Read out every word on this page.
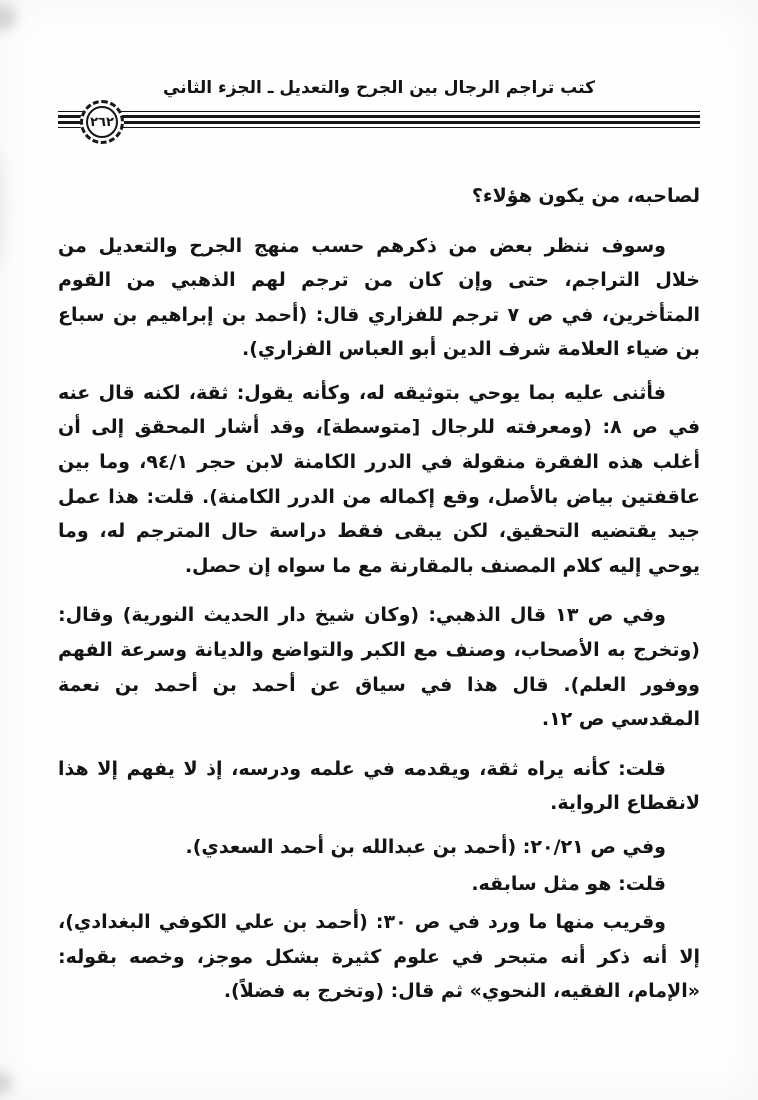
كتب تراجم الرجال بين الجرح والتعديل ـ الجزء الثاني
٢٦٢

لصاحبه، من يكون هؤلاء؟

وسوف ننظر بعض من ذكرهم حسب منهج الجرح والتعديل من خلال التراجم، حتى وإن كان من ترجم لهم الذهبي من القوم المتأخرين، في ص ٧ ترجم للفزاري قال: (أحمد بن إبراهيم بن سباع بن ضياء العلامة شرف الدين أبو العباس الفزاري).

فأثنى عليه بما يوحي بتوثيقه له، وكأنه يقول: ثقة، لكنه قال عنه في ص ٨: (ومعرفته للرجال [متوسطة]، وقد أشار المحقق إلى أن أغلب هذه الفقرة منقولة في الدرر الكامنة لابن حجر ٩٤/١، وما بين عاقفتين بياض بالأصل، وقع إكماله من الدرر الكامنة). قلت: هذا عمل جيد يقتضيه التحقيق، لكن يبقى فقط دراسة حال المترجم له، وما يوحي إليه كلام المصنف بالمقارنة مع ما سواه إن حصل.

وفي ص ١٣ قال الذهبي: (وكان شيخ دار الحديث النورية) وقال: (وتخرج به الأصحاب، وصنف مع الكبر والتواضع والديانة وسرعة الفهم ووفور العلم). قال هذا في سياق عن أحمد بن أحمد بن نعمة المقدسي ص ١٢.

قلت: كأنه يراه ثقة، ويقدمه في علمه ودرسه، إذ لا يفهم إلا هذا لانقطاع الرواية.

وفي ص ٢٠/٢١: (أحمد بن عبدالله بن أحمد السعدي).

قلت: هو مثل سابقه.

وقريب منها ما ورد في ص ٣٠: (أحمد بن علي الكوفي البغدادي)، إلا أنه ذكر أنه متبحر في علوم كثيرة بشكل موجز، وخصه بقوله: «الإمام، الفقيه، النحوي» ثم قال: (وتخرج به فضلاً).
